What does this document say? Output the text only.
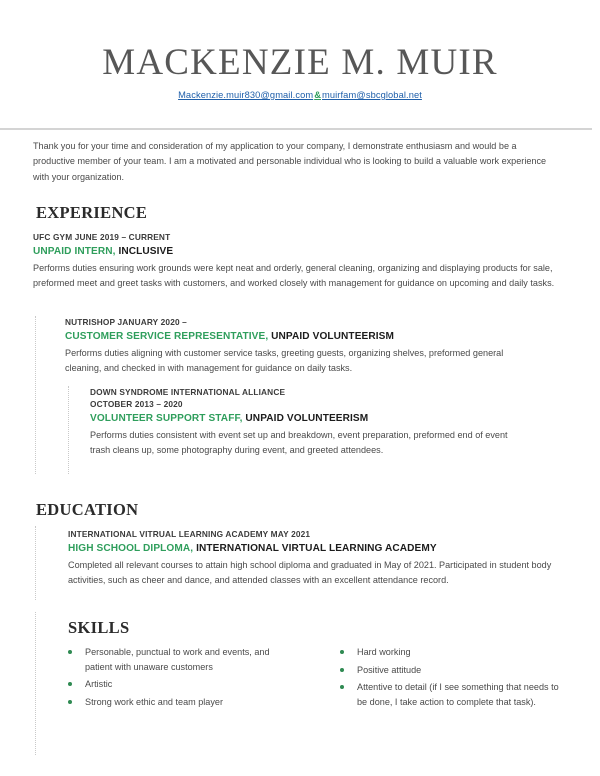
MACKENZIE M. MUIR
Mackenzie.muir830@gmail.com&muirfam@sbcglobal.net
Thank you for your time and consideration of my application to your company, I demonstrate enthusiasm and would be a productive member of your team. I am a motivated and personable individual who is looking to build a valuable work experience with your organization.
EXPERIENCE
UFC GYM JUNE 2019 – CURRENT
UNPAID INTERN, INCLUSIVE
Performs duties ensuring work grounds were kept neat and orderly, general cleaning, organizing and displaying products for sale, preformed meet and greet tasks with customers, and worked closely with management for guidance on upcoming and daily tasks.
NUTRISHOP JANUARY 2020 –
CUSTOMER SERVICE REPRESENTATIVE, UNPAID VOLUNTEERISM
Performs duties aligning with customer service tasks, greeting guests, organizing shelves, preformed general cleaning, and checked in with management for guidance on daily tasks.
DOWN SYNDROME INTERNATIONAL ALLIANCE
OCTOBER 2013 – 2020
VOLUNTEER SUPPORT STAFF, UNPAID VOLUNTEERISM
Performs duties consistent with event set up and breakdown, event preparation, preformed end of event trash cleans up, some photography during event, and greeted attendees.
EDUCATION
INTERNATIONAL VITRUAL LEARNING ACADEMY MAY 2021
HIGH SCHOOL DIPLOMA, INTERNATIONAL VIRTUAL LEARNING ACADEMY
Completed all relevant courses to attain high school diploma and graduated in May of 2021. Participated in student body activities, such as cheer and dance, and attended classes with an excellent attendance record.
SKILLS
Personable, punctual to work and events, and patient with unaware customers
Artistic
Strong work ethic and team player
Hard working
Positive attitude
Attentive to detail (if I see something that needs to be done, I take action to complete that task).
